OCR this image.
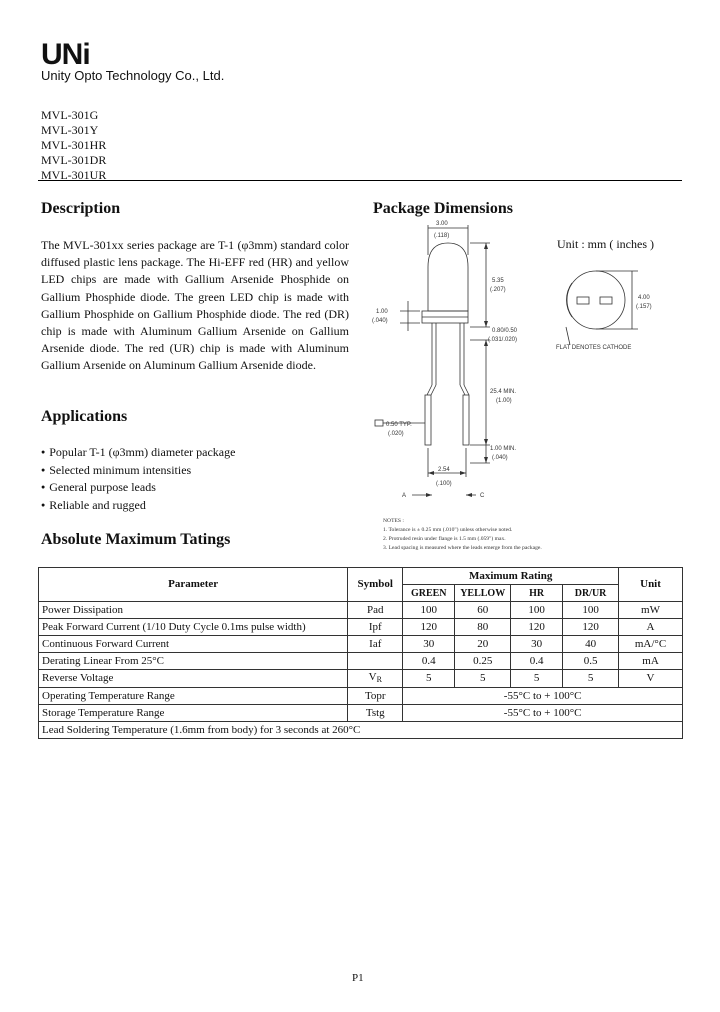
UNi
Unity Opto Technology Co., Ltd.
MVL-301G
MVL-301Y
MVL-301HR
MVL-301DR
MVL-301UR
Description
The MVL-301xx series package are T-1 (φ3mm) standard color diffused plastic lens package. The Hi-EFF red (HR) and yellow LED chips are made with Gallium Arsenide Phosphide on Gallium Phosphide diode. The green LED chip is made with Gallium Phosphide on Gallium Phosphide diode. The red (DR) chip is made with Aluminum Gallium Arsenide on Gallium Arsenide diode. The red (UR) chip is made with Aluminum Gallium Arsenide on Aluminum Gallium Arsenide diode.
Applications
● Popular T-1 (φ3mm) diameter package
● Selected minimum intensities
● General purpose leads
● Reliable and rugged
Package Dimensions
Unit : mm ( inches )
3.00
(.118)
5.35
(.207)
1.00
(.040)
0.80/0.50
(.031/.020)
25.4 MIN.
(1.00)
0.50 TYP.
(.020)
1.00 MIN.
(.040)
2.54
(.100)
4.00
(.157)
FLAT DENOTES CATHODE
A	C
NOTES :
1. Tolerance is ± 0.25 mm (.010") unless otherwise noted.
2. Protruded resin under flange is 1.5 mm (.059") max.
3. Lead spacing is measured where the leads emerge from the package.
Absolute Maximum Tatings
Parameter	Symbol	Maximum Rating				Unit
		GREEN	YELLOW	HR	DR/UR	
Power Dissipation	Pad	100	60	100	100	mW
Peak Forward Current (1/10 Duty Cycle 0.1ms pulse width)	Ipf	120	80	120	120	A
Continuous Forward Current	Iaf	30	20	30	40	mA/°C
Derating Linear From 25°C		0.4	0.25	0.4	0.5	mA
Reverse Voltage	$V_R$	5	5	5	5	V
Operating Temperature Range	Topr	-55°C to + 100°C				
Storage Temperature Range	Tstg	-55°C to + 100°C				
Lead Soldering Temperature (1.6mm from body) for 3 seconds at 260°C						
P1
